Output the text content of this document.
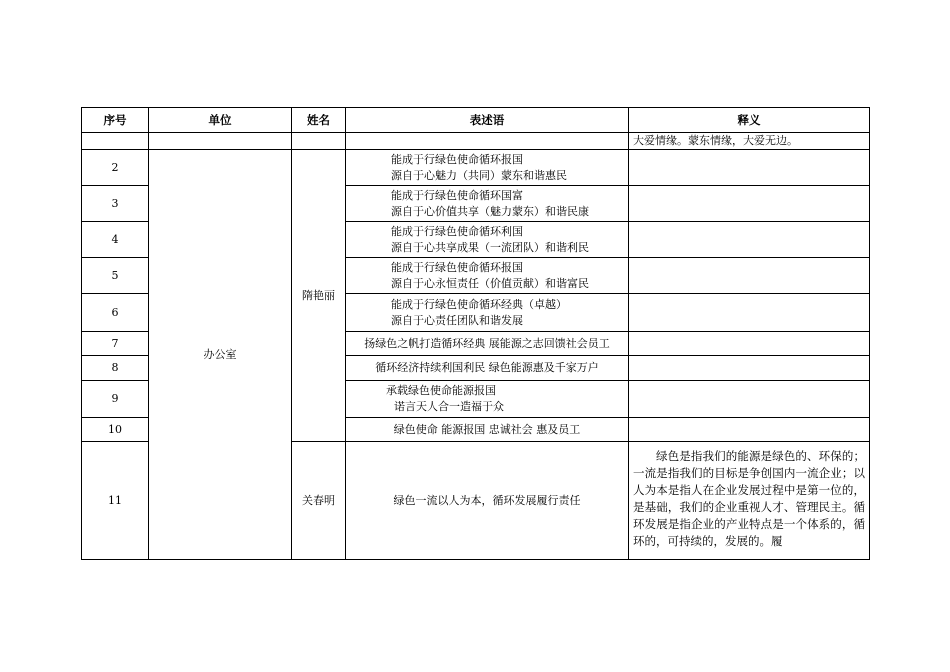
序号	单位	姓名	表述语	释义
				大爱情缘。蒙东情缘，大爱无边。
2	办公室	隋艳丽	能成于行绿色使命循环报国
源自于心魅力（共同）蒙东和谐惠民	

3			能成于行绿色使命循环国富
源自于心价值共享（魅力蒙东）和谐民康	

4			能成于行绿色使命循环利国
源自于心共享成果（一流团队）和谐利民	

5			能成于行绿色使命循环报国
源自于心永恒责任（价值贡献）和谐富民	

6			能成于行绿色使命循环经典（卓越）
源自于心责任团队和谐发展	

7			扬绿色之帆打造循环经典 展能源之志回馈社会员工	
8			循环经济持续利国利民 绿色能源惠及千家万户	
9			承载绿色使命能源报国
诺言天人合一造福于众	

10			绿色使命 能源报国 忠诚社会 惠及员工	
11		关春明	绿色一流以人为本，循环发展履行责任	绿色是指我们的能源是绿色的、环保的；一流是指我们的目标是争创国内一流企业；以人为本是指人在企业发展过程中是第一位的，是基础，我们的企业重视人才、管理民主。循环发展是指企业的产业特点是一个体系的，循环的，可持续的，发展的。履
